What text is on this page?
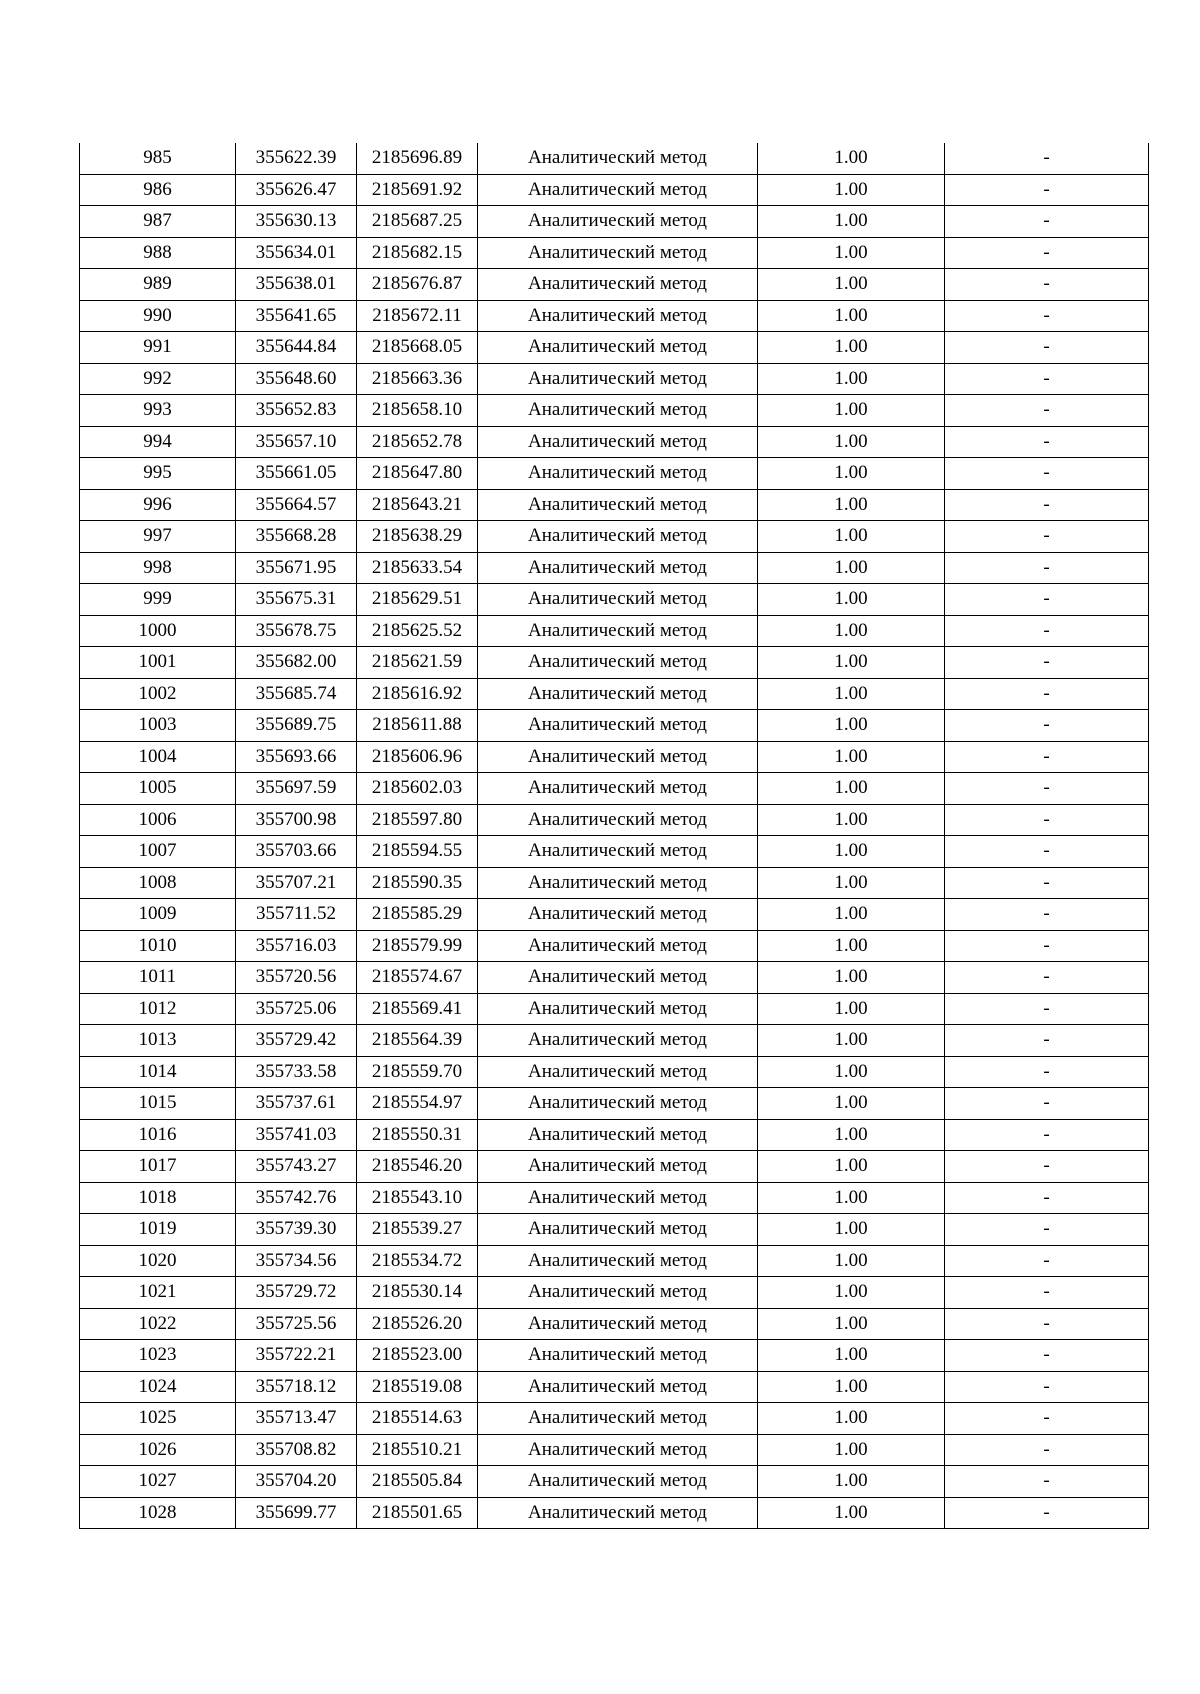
985	355622.39	2185696.89	Аналитический метод	1.00	-
986	355626.47	2185691.92	Аналитический метод	1.00	-
987	355630.13	2185687.25	Аналитический метод	1.00	-
988	355634.01	2185682.15	Аналитический метод	1.00	-
989	355638.01	2185676.87	Аналитический метод	1.00	-
990	355641.65	2185672.11	Аналитический метод	1.00	-
991	355644.84	2185668.05	Аналитический метод	1.00	-
992	355648.60	2185663.36	Аналитический метод	1.00	-
993	355652.83	2185658.10	Аналитический метод	1.00	-
994	355657.10	2185652.78	Аналитический метод	1.00	-
995	355661.05	2185647.80	Аналитический метод	1.00	-
996	355664.57	2185643.21	Аналитический метод	1.00	-
997	355668.28	2185638.29	Аналитический метод	1.00	-
998	355671.95	2185633.54	Аналитический метод	1.00	-
999	355675.31	2185629.51	Аналитический метод	1.00	-
1000	355678.75	2185625.52	Аналитический метод	1.00	-
1001	355682.00	2185621.59	Аналитический метод	1.00	-
1002	355685.74	2185616.92	Аналитический метод	1.00	-
1003	355689.75	2185611.88	Аналитический метод	1.00	-
1004	355693.66	2185606.96	Аналитический метод	1.00	-
1005	355697.59	2185602.03	Аналитический метод	1.00	-
1006	355700.98	2185597.80	Аналитический метод	1.00	-
1007	355703.66	2185594.55	Аналитический метод	1.00	-
1008	355707.21	2185590.35	Аналитический метод	1.00	-
1009	355711.52	2185585.29	Аналитический метод	1.00	-
1010	355716.03	2185579.99	Аналитический метод	1.00	-
1011	355720.56	2185574.67	Аналитический метод	1.00	-
1012	355725.06	2185569.41	Аналитический метод	1.00	-
1013	355729.42	2185564.39	Аналитический метод	1.00	-
1014	355733.58	2185559.70	Аналитический метод	1.00	-
1015	355737.61	2185554.97	Аналитический метод	1.00	-
1016	355741.03	2185550.31	Аналитический метод	1.00	-
1017	355743.27	2185546.20	Аналитический метод	1.00	-
1018	355742.76	2185543.10	Аналитический метод	1.00	-
1019	355739.30	2185539.27	Аналитический метод	1.00	-
1020	355734.56	2185534.72	Аналитический метод	1.00	-
1021	355729.72	2185530.14	Аналитический метод	1.00	-
1022	355725.56	2185526.20	Аналитический метод	1.00	-
1023	355722.21	2185523.00	Аналитический метод	1.00	-
1024	355718.12	2185519.08	Аналитический метод	1.00	-
1025	355713.47	2185514.63	Аналитический метод	1.00	-
1026	355708.82	2185510.21	Аналитический метод	1.00	-
1027	355704.20	2185505.84	Аналитический метод	1.00	-
1028	355699.77	2185501.65	Аналитический метод	1.00	-
